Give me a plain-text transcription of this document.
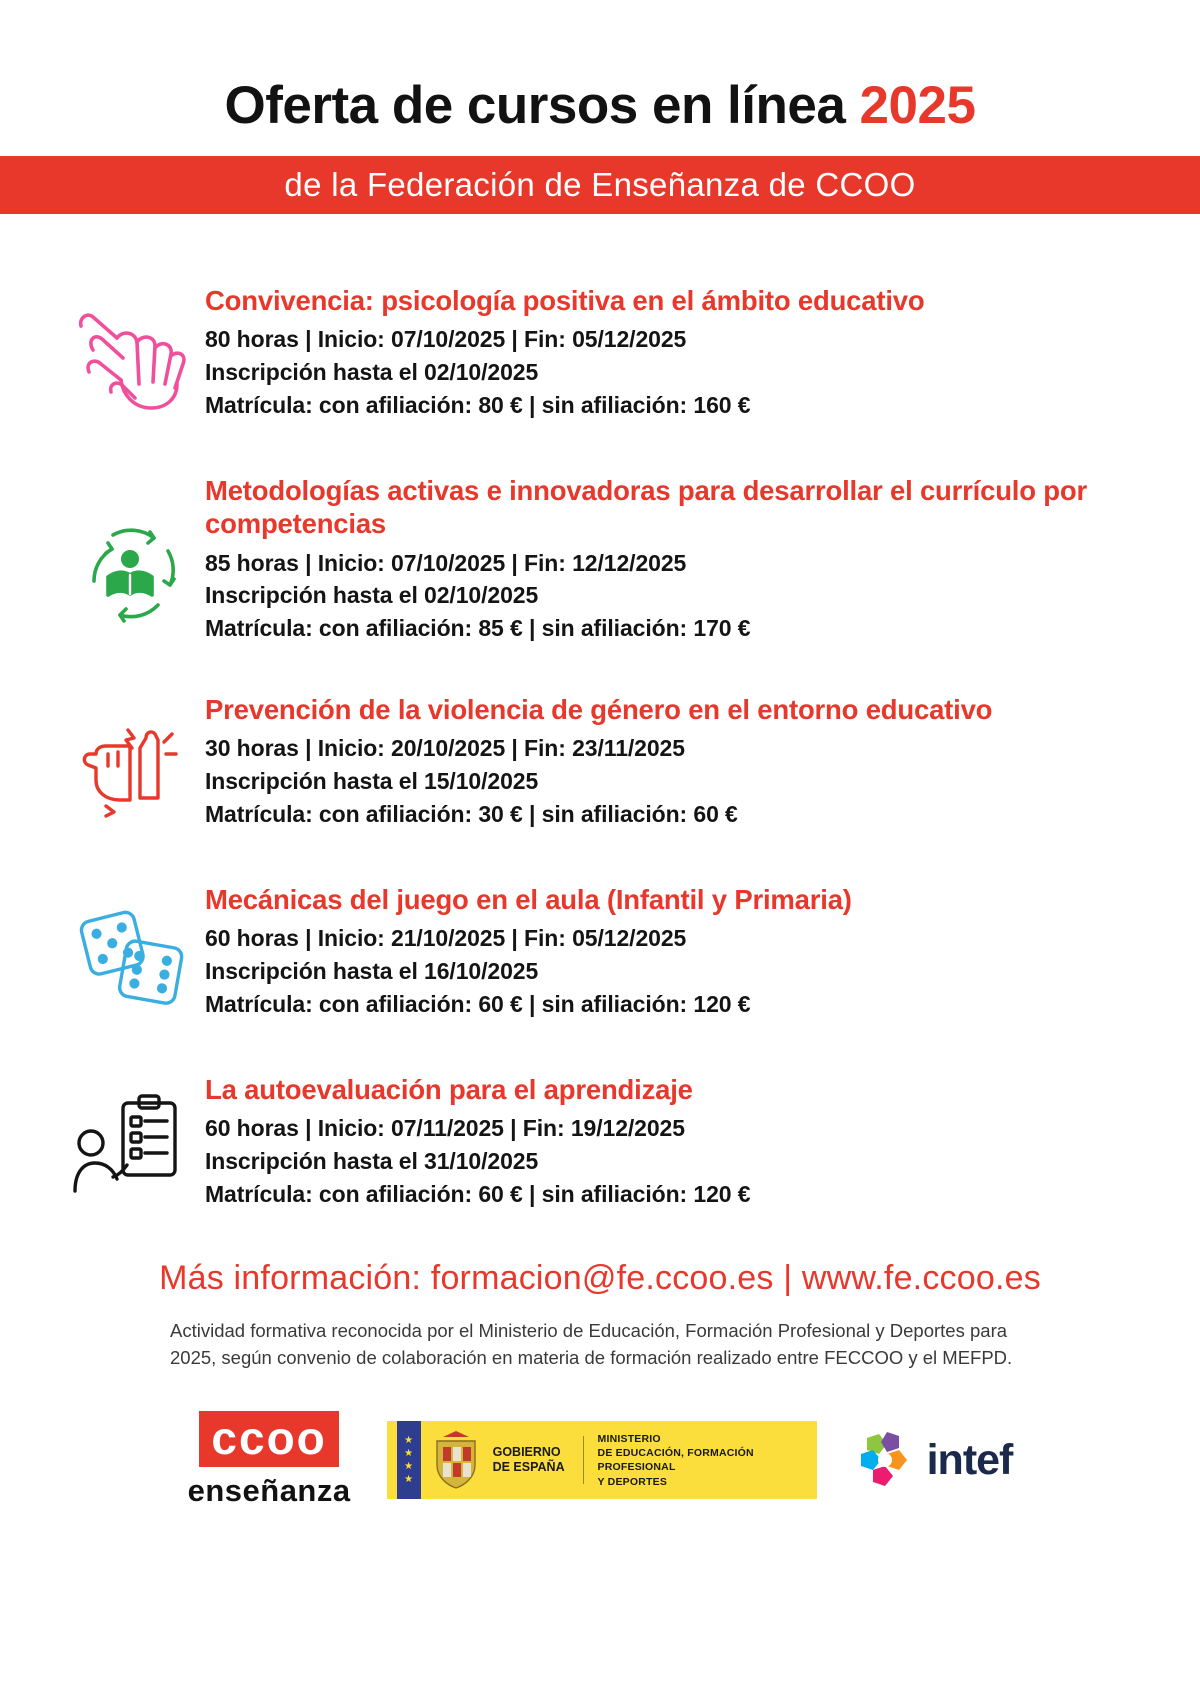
Oferta de cursos en línea 2025
de la Federación de Enseñanza de CCOO
Convivencia: psicología positiva en el ámbito educativo
80 horas | Inicio: 07/10/2025 | Fin: 05/12/2025
Inscripción hasta el 02/10/2025
Matrícula: con afiliación: 80 € | sin afiliación: 160 €
Metodologías activas e innovadoras para desarrollar el currículo por competencias
85 horas | Inicio: 07/10/2025 | Fin: 12/12/2025
Inscripción hasta el 02/10/2025
Matrícula: con afiliación: 85 € | sin afiliación: 170 €
Prevención de la violencia de género en el entorno educativo
30 horas | Inicio: 20/10/2025 | Fin: 23/11/2025
Inscripción hasta el 15/10/2025
Matrícula: con afiliación: 30 € | sin afiliación: 60 €
Mecánicas del juego en el aula (Infantil y Primaria)
60 horas | Inicio: 21/10/2025 | Fin: 05/12/2025
Inscripción hasta el 16/10/2025
Matrícula: con afiliación: 60 € | sin afiliación: 120 €
La autoevaluación para el aprendizaje
60 horas | Inicio: 07/11/2025 | Fin: 19/12/2025
Inscripción hasta el 31/10/2025
Matrícula: con afiliación: 60 € | sin afiliación: 120 €
Más información: formacion@fe.ccoo.es | www.fe.ccoo.es
Actividad formativa reconocida por el Ministerio de Educación, Formación Profesional y Deportes para 2025, según convenio de colaboración en materia de formación realizado entre FECCOO y el MEFPD.
ccoo
enseñanza
★
★
★
★
GOBIERNO
DE ESPAÑA
MINISTERIO
DE EDUCACIÓN, FORMACIÓN PROFESIONAL
Y DEPORTES	intef
